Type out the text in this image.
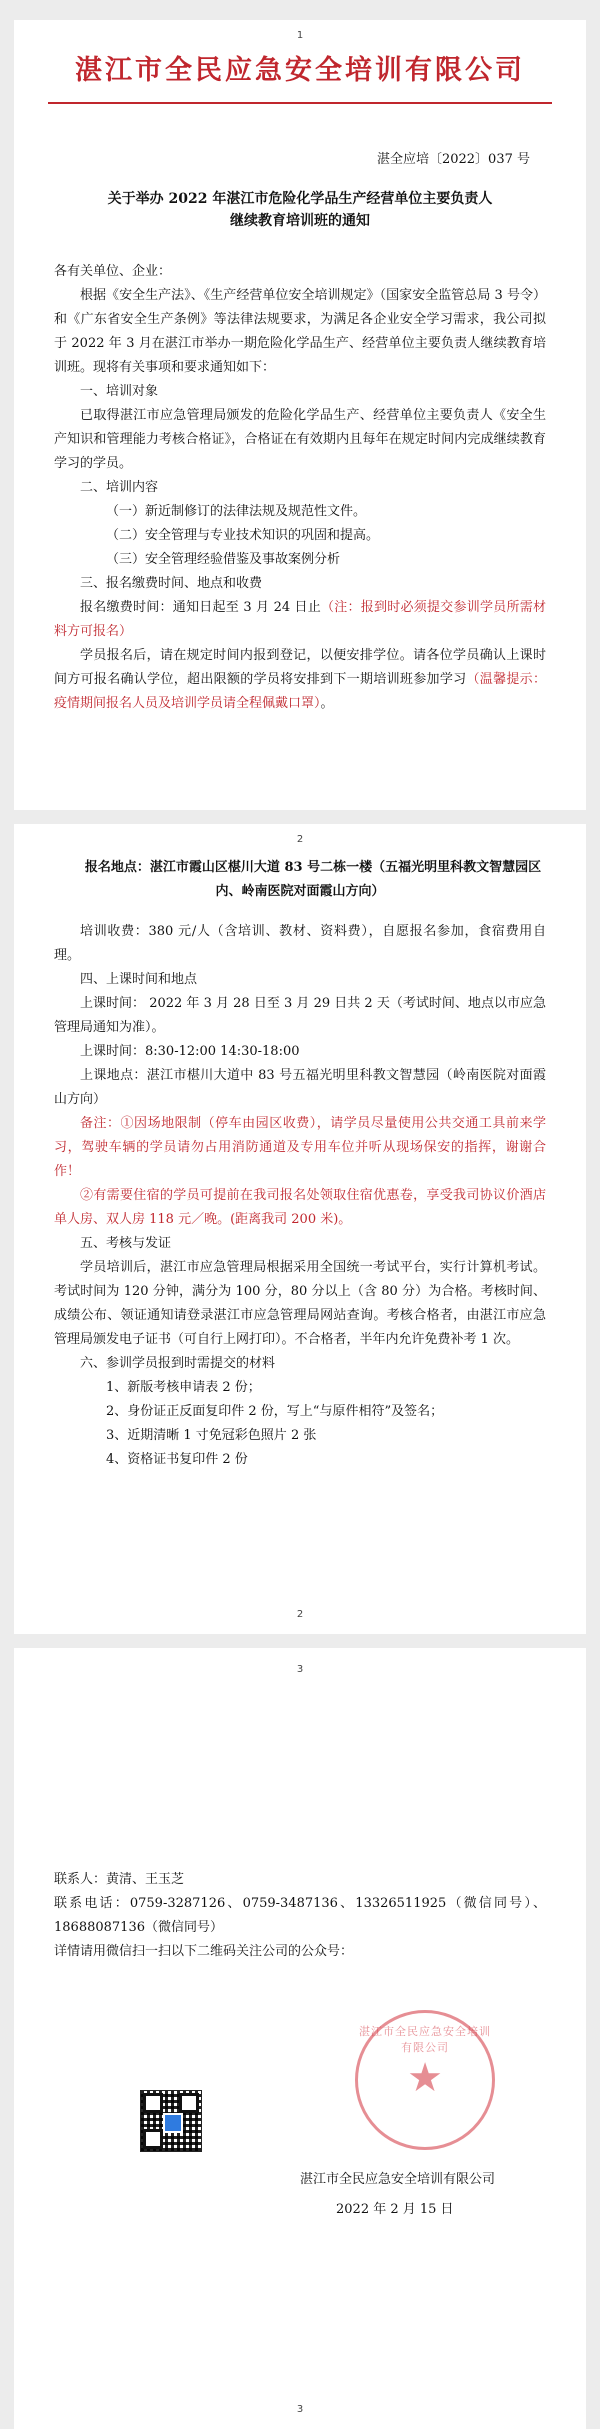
1
湛江市全民应急安全培训有限公司
湛全应培〔2022〕037 号
关于举办 2022 年湛江市危险化学品生产经营单位主要负责人
继续教育培训班的通知

各有关单位、企业：

根据《安全生产法》、《生产经营单位安全培训规定》（国家安全监管总局 3 号令）和《广东省安全生产条例》等法律法规要求，为满足各企业安全学习需求，我公司拟于 2022 年 3 月在湛江市举办一期危险化学品生产、经营单位主要负责人继续教育培训班。现将有关事项和要求通知如下：

一、培训对象

已取得湛江市应急管理局颁发的危险化学品生产、经营单位主要负责人《安全生产知识和管理能力考核合格证》，合格证在有效期内且每年在规定时间内完成继续教育学习的学员。

二、培训内容

（一）新近制修订的法律法规及规范性文件。

（二）安全管理与专业技术知识的巩固和提高。

（三）安全管理经验借鉴及事故案例分析

三、报名缴费时间、地点和收费

报名缴费时间：通知日起至 3 月 24 日止（注：报到时必须提交参训学员所需材料方可报名）

学员报名后，请在规定时间内报到登记，以便安排学位。请各位学员确认上课时间方可报名确认学位，超出限额的学员将安排到下一期培训班参加学习（温馨提示：疫情期间报名人员及培训学员请全程佩戴口罩）。

2

报名地点：湛江市霞山区椹川大道 83 号二栋一楼（五福光明里科教文智慧园区内、岭南医院对面霞山方向）

培训收费：380 元/人（含培训、教材、资料费），自愿报名参加，食宿费用自理。

四、上课时间和地点

上课时间： 2022 年 3 月 28 日至 3 月 29 日共 2 天（考试时间、地点以市应急管理局通知为准）。

上课时间：8:30-12:00 14:30-18:00

上课地点：湛江市椹川大道中 83 号五福光明里科教文智慧园（岭南医院对面霞山方向）

备注：①因场地限制（停车由园区收费），请学员尽量使用公共交通工具前来学习，驾驶车辆的学员请勿占用消防通道及专用车位并听从现场保安的指挥，谢谢合作！

②有需要住宿的学员可提前在我司报名处领取住宿优惠卷，享受我司协议价酒店单人房、双人房 118 元／晚。(距离我司 200 米)。

五、考核与发证

学员培训后，湛江市应急管理局根据采用全国统一考试平台，实行计算机考试。考试时间为 120 分钟，满分为 100 分，80 分以上（含 80 分）为合格。考核时间、成绩公布、领证通知请登录湛江市应急管理局网站查询。考核合格者，由湛江市应急管理局颁发电子证书（可自行上网打印）。不合格者，半年内允许免费补考 1 次。

六、参训学员报到时需提交的材料

1、新版考核申请表 2 份；

2、身份证正反面复印件 2 份，写上“与原件相符”及签名；

3、近期清晰 1 寸免冠彩色照片 2 张

4、资格证书复印件 2 份

2
3

联系人：黄清、王玉芝

联系电话：0759-3287126、0759-3487136、13326511925（微信同号）、18688087136（微信同号）

详情请用微信扫一扫以下二维码关注公司的公众号：

3
湛江市全民应急安全培训有限公司
★
湛江市全民应急安全培训有限公司
2022 年 2 月 15 日
